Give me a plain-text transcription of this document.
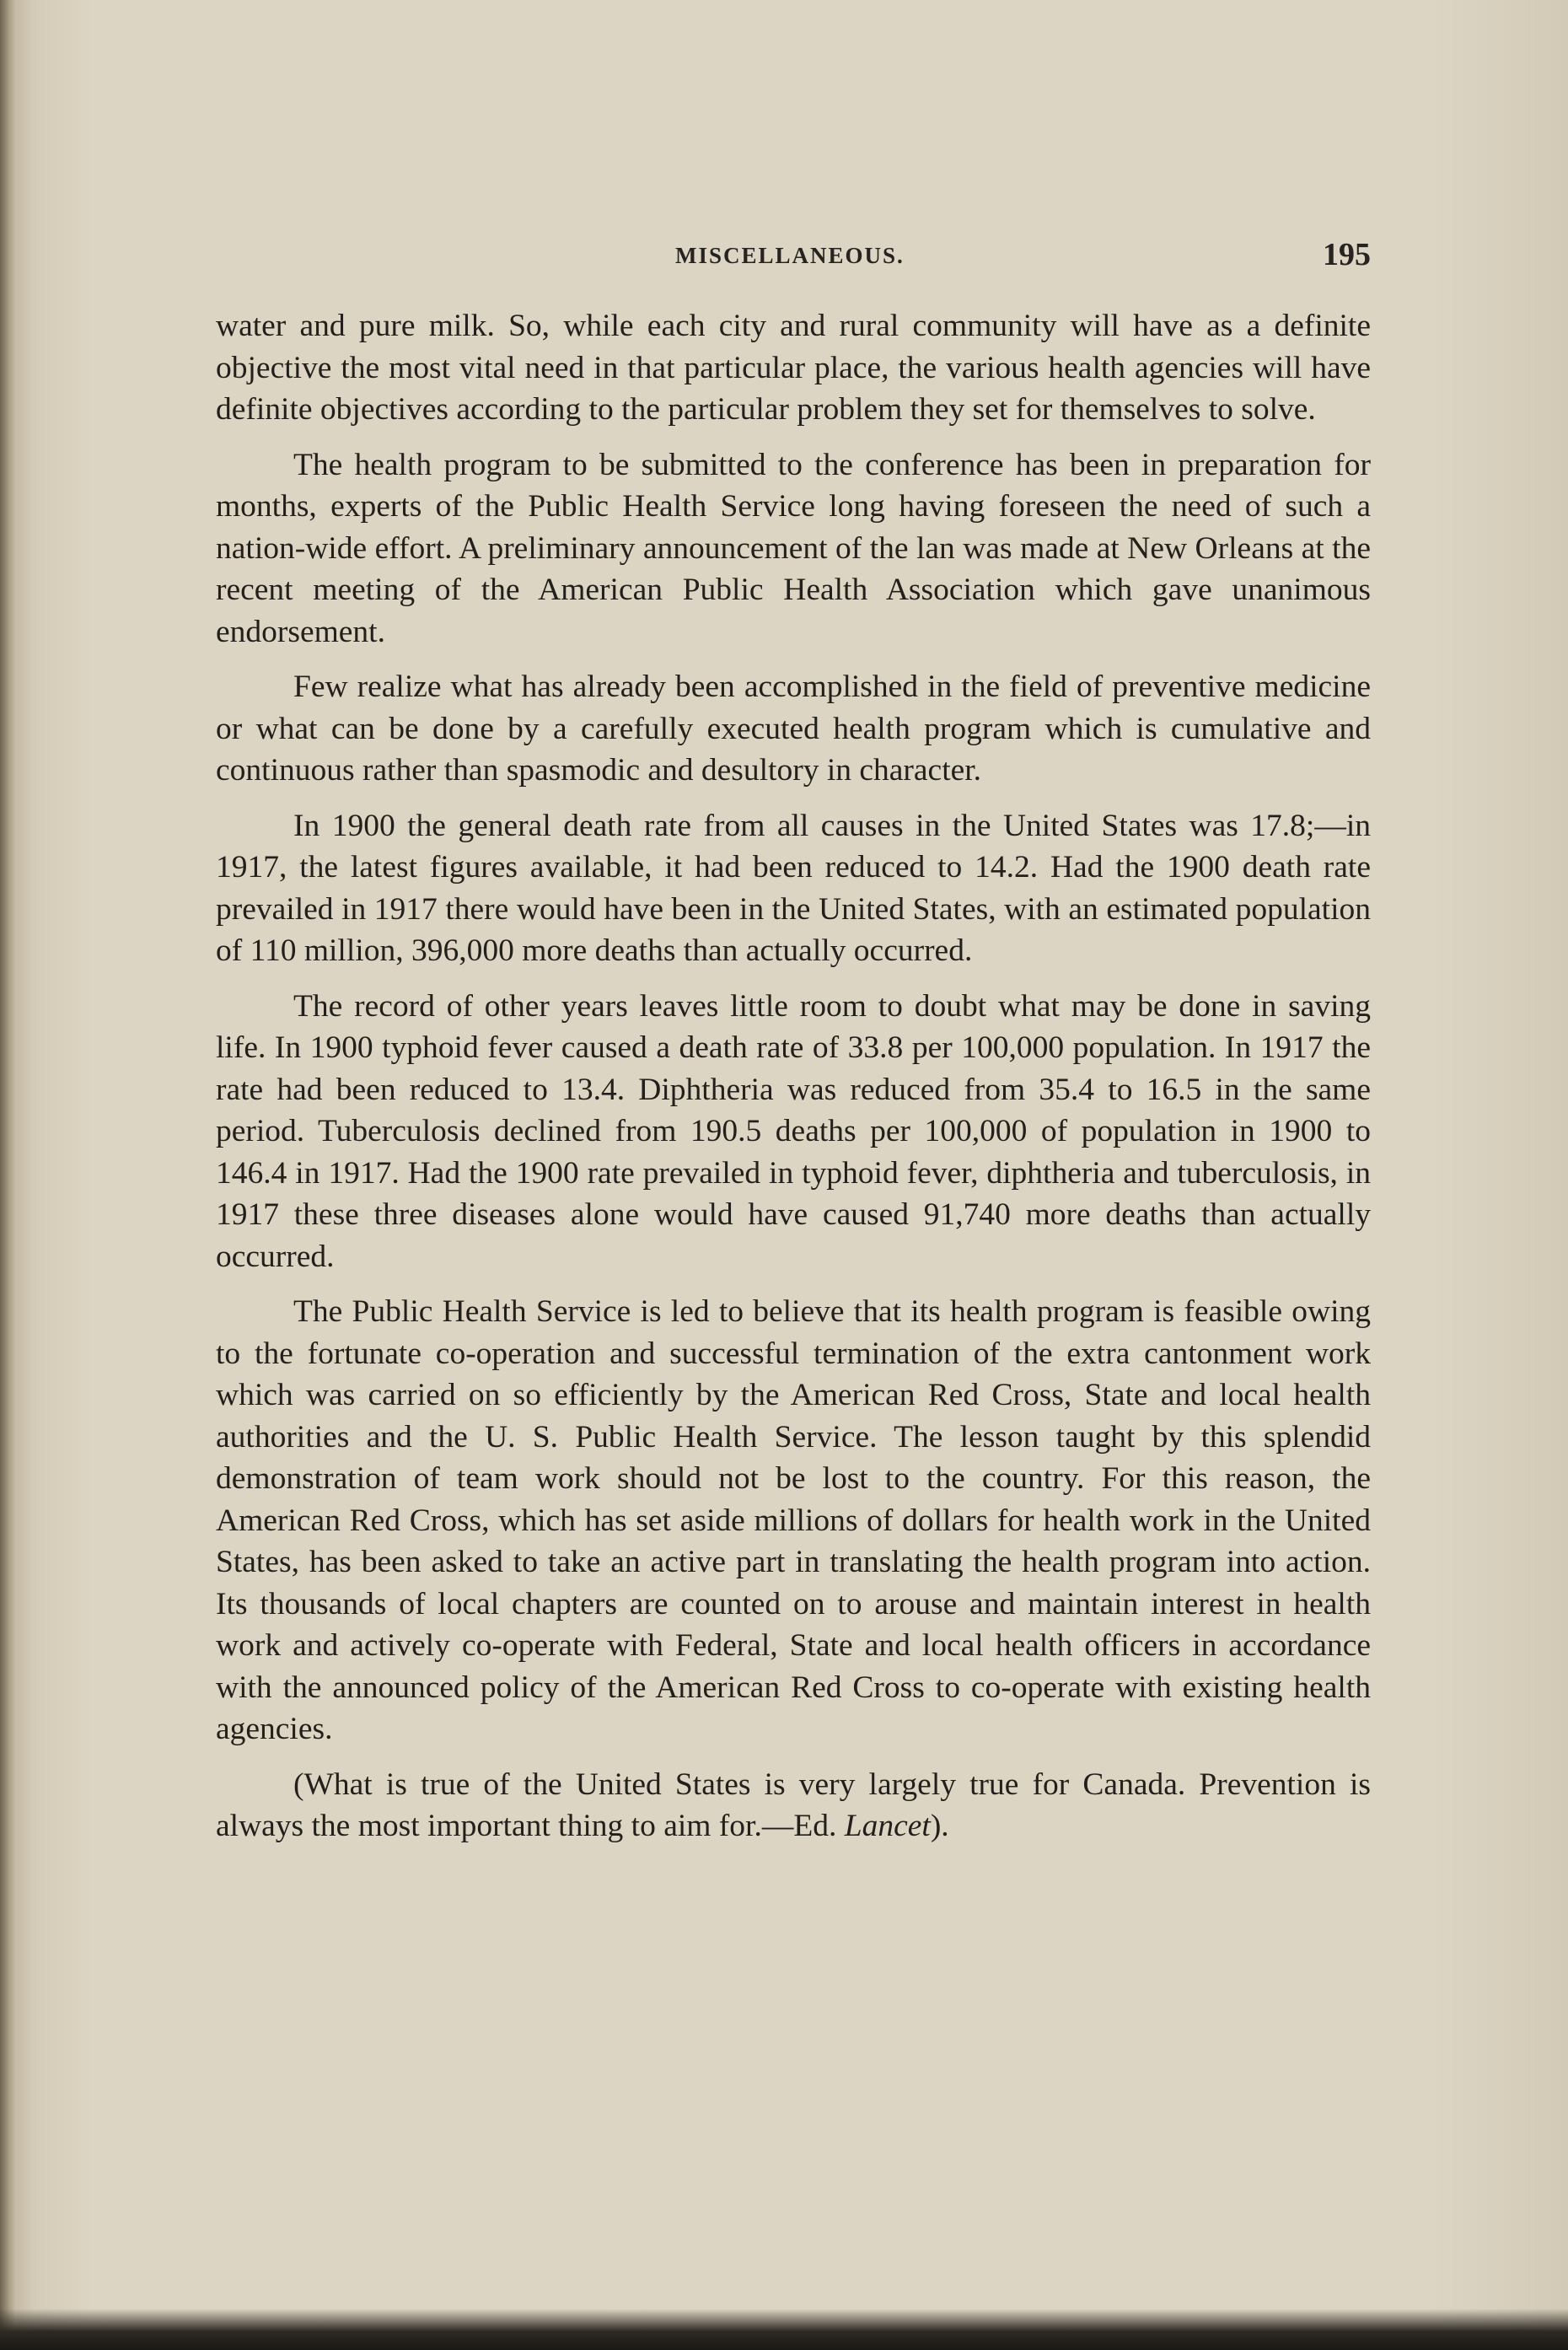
MISCELLANEOUS.	195

water and pure milk. So, while each city and rural community will have as a definite objective the most vital need in that particular place, the various health agencies will have definite objectives according to the particular problem they set for themselves to solve.

The health program to be submitted to the conference has been in preparation for months, experts of the Public Health Service long having foreseen the need of such a nation-wide effort. A preliminary announcement of the lan was made at New Orleans at the recent meeting of the American Public Health Association which gave unanimous endorsement.

Few realize what has already been accomplished in the field of preventive medicine or what can be done by a carefully executed health program which is cumulative and continuous rather than spasmodic and desultory in character.

In 1900 the general death rate from all causes in the United States was 17.8;—in 1917, the latest figures available, it had been reduced to 14.2. Had the 1900 death rate prevailed in 1917 there would have been in the United States, with an estimated population of 110 million, 396,000 more deaths than actually occurred.

The record of other years leaves little room to doubt what may be done in saving life. In 1900 typhoid fever caused a death rate of 33.8 per 100,000 population. In 1917 the rate had been reduced to 13.4. Diphtheria was reduced from 35.4 to 16.5 in the same period. Tuberculosis declined from 190.5 deaths per 100,000 of population in 1900 to 146.4 in 1917. Had the 1900 rate prevailed in typhoid fever, diphtheria and tuberculosis, in 1917 these three diseases alone would have caused 91,740 more deaths than actually occurred.

The Public Health Service is led to believe that its health program is feasible owing to the fortunate co-operation and successful termination of the extra cantonment work which was carried on so efficiently by the American Red Cross, State and local health authorities and the U. S. Public Health Service. The lesson taught by this splendid demonstration of team work should not be lost to the country. For this reason, the American Red Cross, which has set aside millions of dollars for health work in the United States, has been asked to take an active part in translating the health program into action. Its thousands of local chapters are counted on to arouse and maintain interest in health work and actively co-operate with Federal, State and local health officers in accordance with the announced policy of the American Red Cross to co-operate with existing health agencies.

(What is true of the United States is very largely true for Canada. Prevention is always the most important thing to aim for.—Ed. Lancet).
